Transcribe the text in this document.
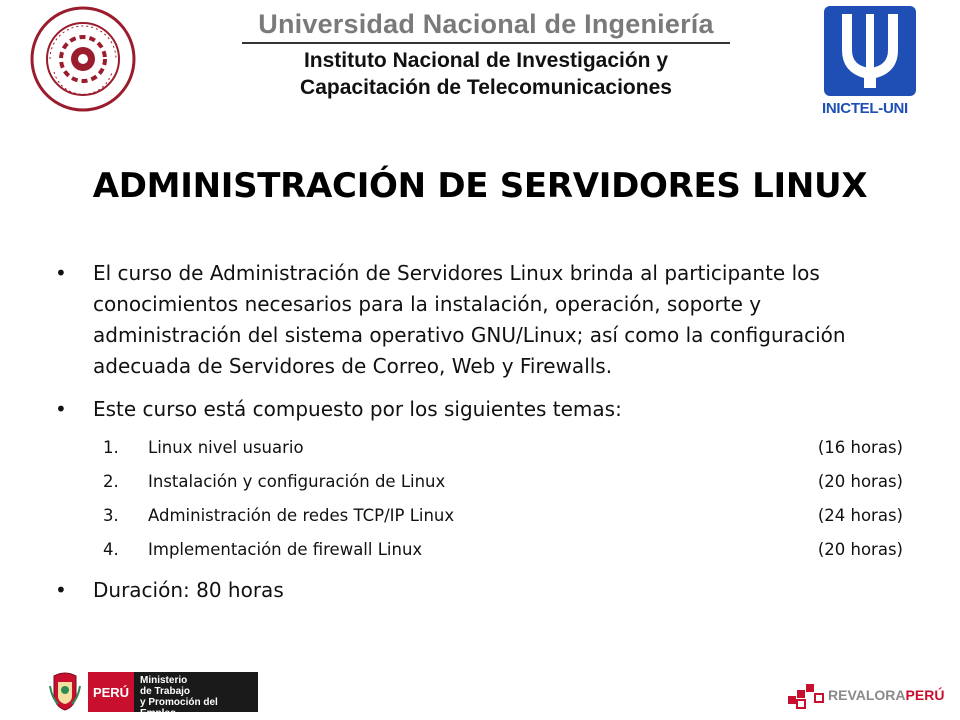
Universidad Nacional de Ingeniería
Instituto Nacional de Investigación y
Capacitación de Telecomunicaciones
INICTEL-UNI
ADMINISTRACIÓN DE SERVIDORES LINUX
• El curso de Administración de Servidores Linux brinda al participante los conocimientos necesarios para la instalación, operación, soporte y administración del sistema operativo GNU/Linux; así como la configuración adecuada de Servidores de Correo, Web y Firewalls.
• Este curso está compuesto por los siguientes temas:
1. Linux nivel usuario	(16 horas)
2. Instalación y configuración de Linux	(20 horas)
3. Administración de redes TCP/IP Linux	(24 horas)
4. Implementación de firewall Linux	(20 horas)
• Duración: 80 horas
PERÚ
Ministerio
de Trabajo
y Promoción del Empleo
REVALORAPERÚ
